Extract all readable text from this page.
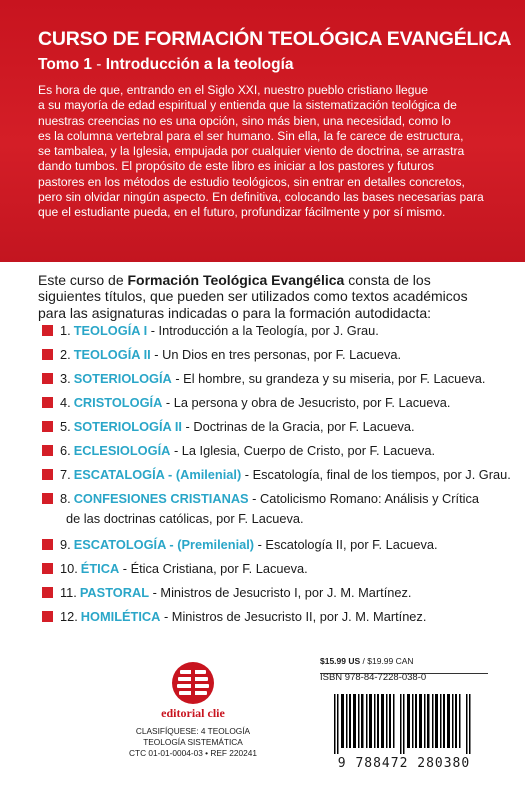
CURSO DE FORMACIÓN TEOLÓGICA EVANGÉLICA
Tomo 1 - Introducción a la teología
Es hora de que, entrando en el Siglo XXI, nuestro pueblo cristiano llegue
a su mayoría de edad espiritual y entienda que la sistematización teológica de
nuestras creencias no es una opción, sino más bien, una necesidad, como lo
es la columna vertebral para el ser humano. Sin ella, la fe carece de estructura,
se tambalea, y la Iglesia, empujada por cualquier viento de doctrina, se arrastra
dando tumbos. El propósito de este libro es iniciar a los pastores y futuros
pastores en los métodos de estudio teológicos, sin entrar en detalles concretos,
pero sin olvidar ningún aspecto. En definitiva, colocando las bases necesarias para
que el estudiante pueda, en el futuro, profundizar fácilmente y por sí mismo.
Este curso de Formación Teológica Evangélica consta de los
siguientes títulos, que pueden ser utilizados como textos académicos
para las asignaturas indicadas o para la formación autodidacta:
1. TEOLOGÍA I - Introducción a la Teología, por J. Grau.
2. TEOLOGÍA II - Un Dios en tres personas, por F. Lacueva.
3. SOTERIOLOGÍA - El hombre, su grandeza y su miseria, por F. Lacueva.
4. CRISTOLOGÍA - La persona y obra de Jesucristo, por F. Lacueva.
5. SOTERIOLOGÍA II - Doctrinas de la Gracia, por F. Lacueva.
6. ECLESIOLOGÍA - La Iglesia, Cuerpo de Cristo, por F. Lacueva.
7. ESCATALOGÍA - (Amilenial) - Escatología, final de los tiempos, por J. Grau.
8. CONFESIONES CRISTIANAS - Catolicismo Romano: Análisis y Crítica
de las doctrinas católicas, por F. Lacueva.
9. ESCATOLOGÍA - (Premilenial) - Escatología II, por F. Lacueva.
10. ÉTICA - Ética Cristiana, por F. Lacueva.
11. PASTORAL - Ministros de Jesucristo I, por J. M. Martínez.
12. HOMILÉTICA - Ministros de Jesucristo II, por J. M. Martínez.
editorial clie
CLASIFÍQUESE: 4 TEOLOGÍA
TEOLOGÍA SISTEMÁTICA
CTC 01-01-0004-03 • REF 220241
$15.99 US / $19.99 CAN
ISBN 978-84-7228-038-0
9 788472 280380
